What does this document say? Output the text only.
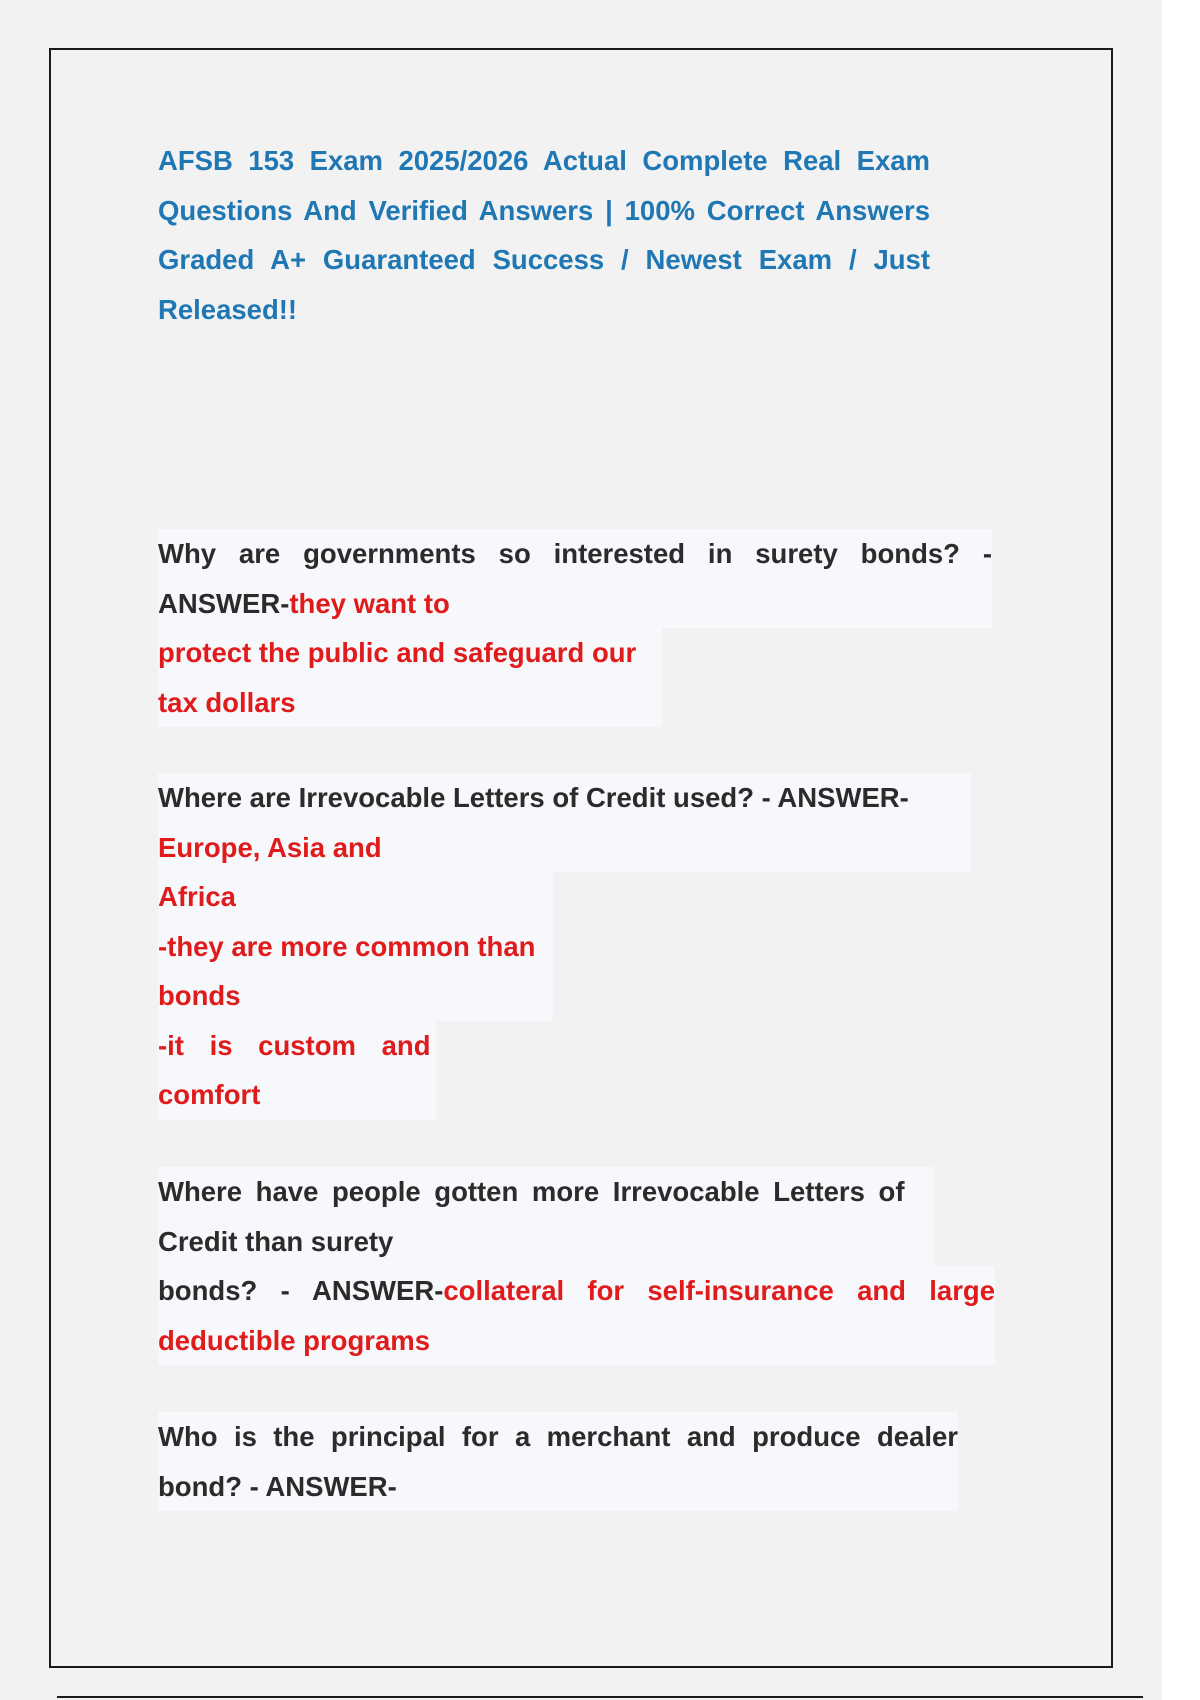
AFSB 153 Exam 2025/2026 Actual Complete Real Exam Questions And Verified Answers | 100% Correct Answers Graded A+ Guaranteed Success / Newest Exam / Just Released!!

Why are governments so interested in surety bonds? - ANSWER-they want to
protect the public and safeguard our
tax dollars
Where are Irrevocable Letters of Credit used? - ANSWER-
Europe, Asia and
Africa
-they are more common than
bonds
-it is custom and
comfort
Where have people gotten more Irrevocable Letters of
Credit than surety
bonds? - ANSWER-collateral for self-insurance and large deductible programs
Who is the principal for a merchant and produce dealer bond? - ANSWER-
